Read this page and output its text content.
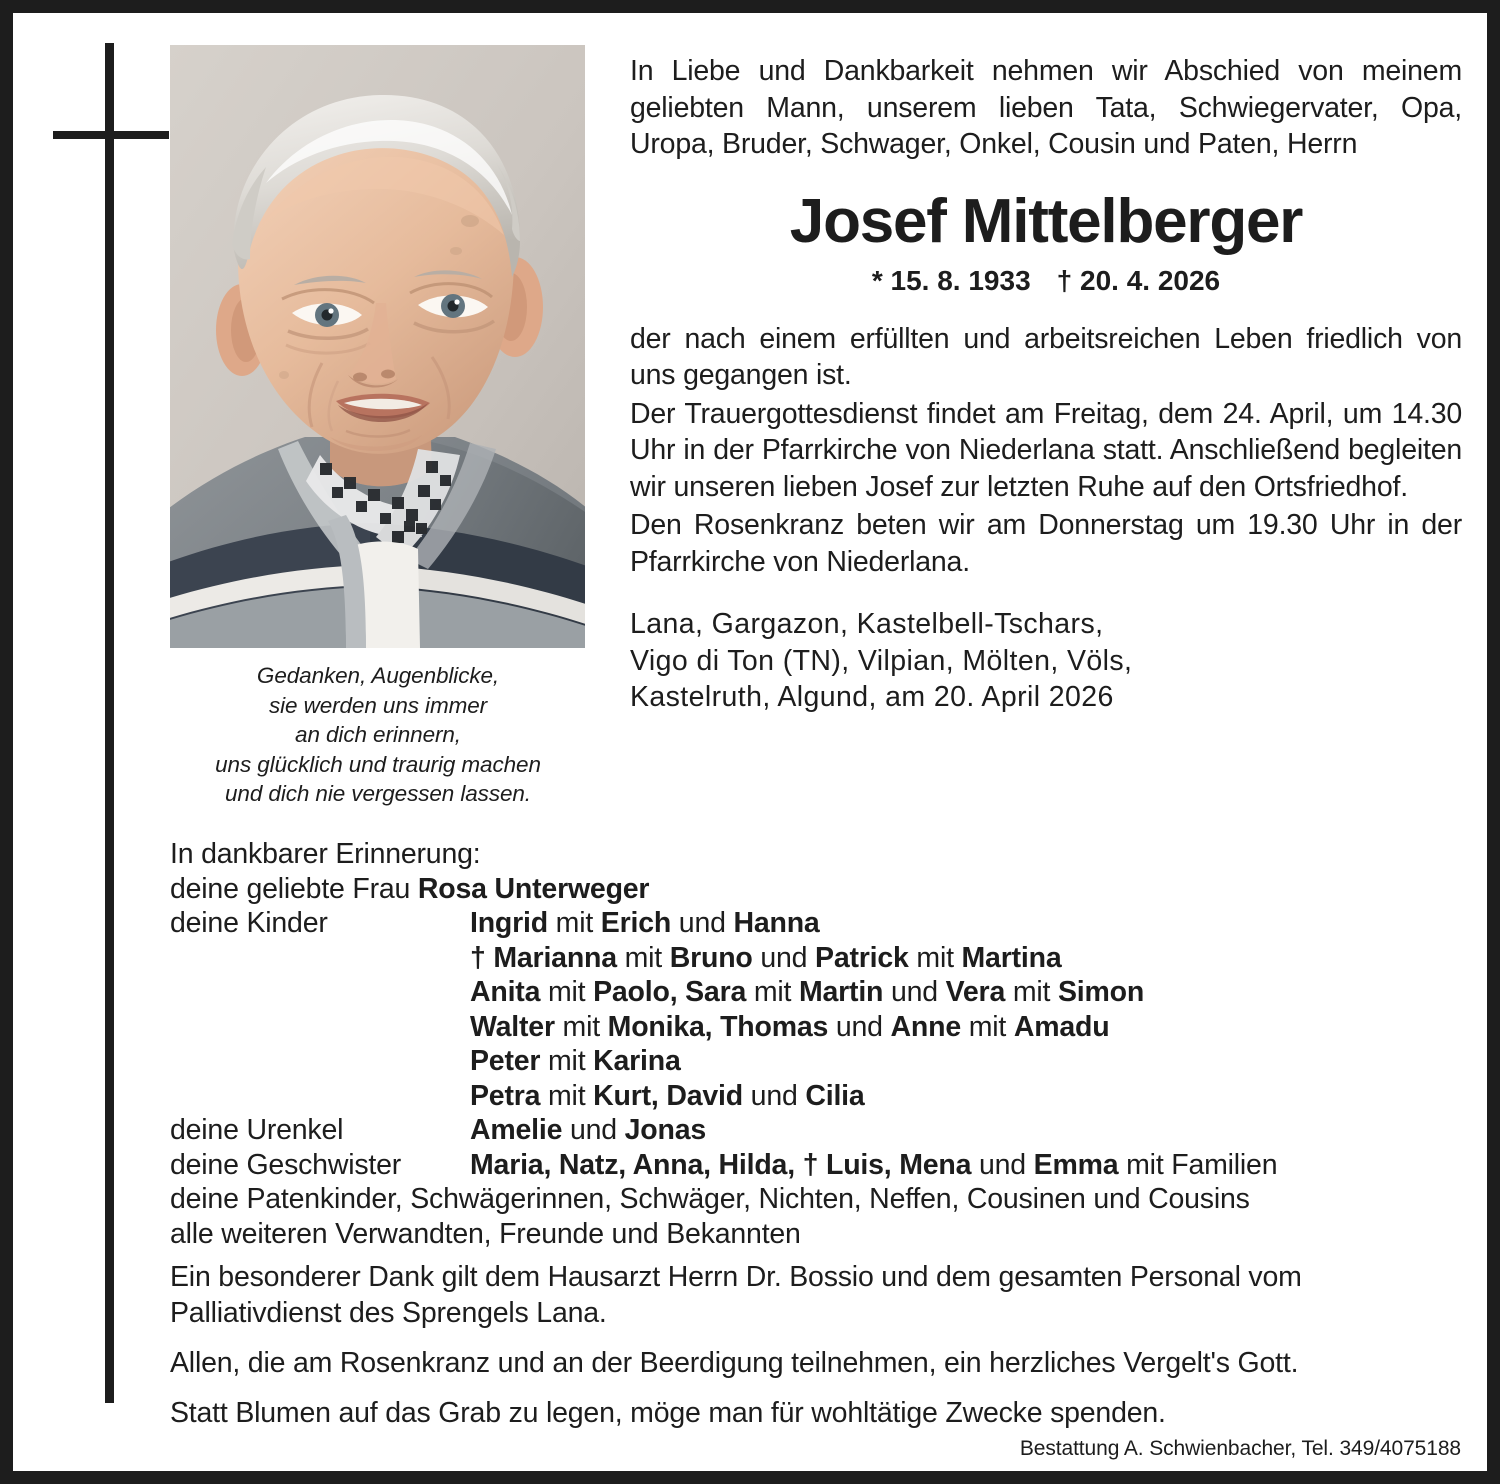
Gedanken, Augenblicke,
sie werden uns immer
an dich erinnern,
uns glücklich und traurig machen
und dich nie vergessen lassen.
In Liebe und Dankbarkeit nehmen wir Abschied von meinem geliebten Mann, unserem lieben Tata, Schwiegervater, Opa, Uropa, Bruder, Schwager, Onkel, Cousin und Paten, Herrn
Josef Mittelberger
* 15. 8. 1933 † 20. 4. 2026
der nach einem erfüllten und arbeitsreichen Leben friedlich von uns gegangen ist.
Der Trauergottesdienst findet am Freitag, dem 24. April, um 14.30 Uhr in der Pfarrkirche von Niederlana statt. Anschließend begleiten wir unseren lieben Josef zur letzten Ruhe auf den Ortsfriedhof.
Den Rosenkranz beten wir am Donnerstag um 19.30 Uhr in der Pfarrkirche von Niederlana.
Lana, Gargazon, Kastelbell-Tschars,
Vigo di Ton (TN), Vilpian, Mölten, Völs,
Kastelruth, Algund, am 20. April 2026
In dankbarer Erinnerung:
deine geliebte Frau Rosa Unterweger
deine Kinder	Ingrid mit Erich und Hanna
† Marianna mit Bruno und Patrick mit Martina
Anita mit Paolo, Sara mit Martin und Vera mit Simon
Walter mit Monika, Thomas und Anne mit Amadu
Peter mit Karina
Petra mit Kurt, David und Cilia
deine Urenkel	Amelie und Jonas
deine Geschwister	Maria, Natz, Anna, Hilda, † Luis, Mena und Emma mit Familien
deine Patenkinder, Schwägerinnen, Schwäger, Nichten, Neffen, Cousinen und Cousins
alle weiteren Verwandten, Freunde und Bekannten

Ein besonderer Dank gilt dem Hausarzt Herrn Dr. Bossio und dem gesamten Personal vom Palliativdienst des Sprengels Lana.

Allen, die am Rosenkranz und an der Beerdigung teilnehmen, ein herzliches Vergelt's Gott.

Statt Blumen auf das Grab zu legen, möge man für wohltätige Zwecke spenden.

Bestattung A. Schwienbacher, Tel. 349/4075188
